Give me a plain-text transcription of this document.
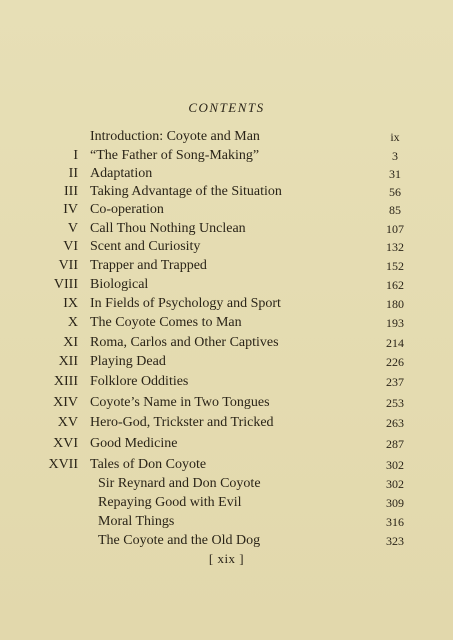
CONTENTS
Introduction: Coyote and Man	ix
I “The Father of Song-Making”	3
II Adaptation	31
III Taking Advantage of the Situation	56
IV Co-operation	85
V Call Thou Nothing Unclean	107
VI Scent and Curiosity	132
VII Trapper and Trapped	152
VIII Biological	162
IX In Fields of Psychology and Sport	180
X The Coyote Comes to Man	193
XI Roma, Carlos and Other Captives	214
XII Playing Dead	226
XIII Folklore Oddities	237
XIV Coyote’s Name in Two Tongues	253
XV Hero-God, Trickster and Tricked	263
XVI Good Medicine	287
XVII Tales of Don Coyote	302
Sir Reynard and Don Coyote	302
Repaying Good with Evil	309
Moral Things	316
The Coyote and the Old Dog	323
[ xix ]
